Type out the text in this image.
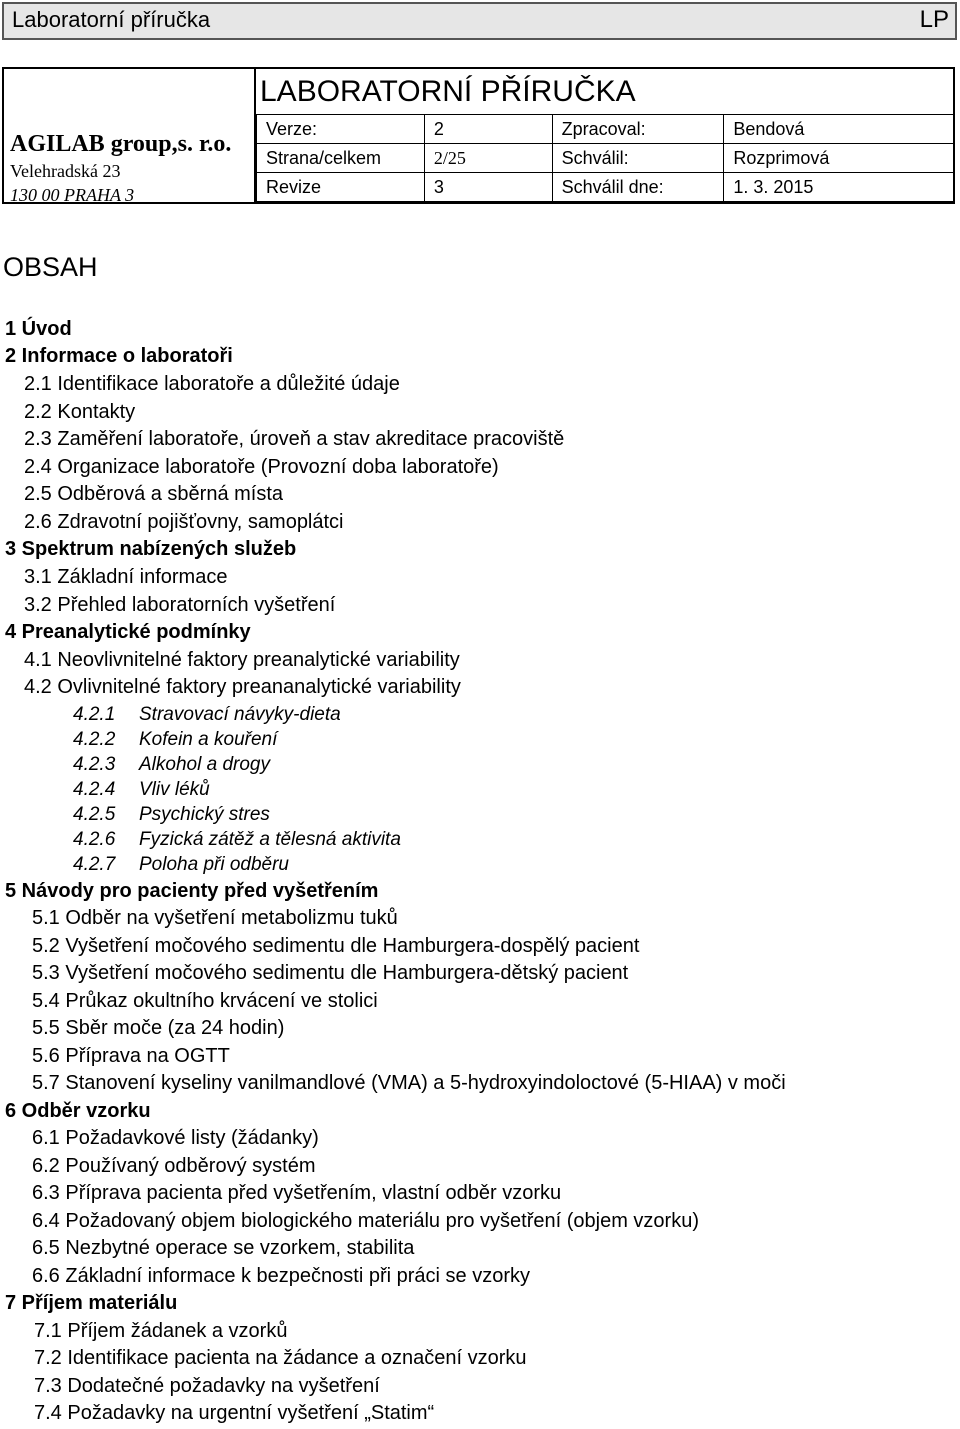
Laboratorní příručka	LP
AGILAB group,s. r.o.
Velehradská 23
130 00 PRAHA 3
LABORATORNÍ PŘÍRUČKA
Verze:	2	Zpracoval:	Bendová
Strana/celkem	2/25	Schválil:	Rozprimová
Revize	3	Schválil dne:	1. 3. 2015
OBSAH
1 Úvod
2 Informace o laboratoři
2.1 Identifikace laboratoře a důležité údaje
2.2 Kontakty
2.3 Zaměření laboratoře, úroveň a stav akreditace pracoviště
2.4 Organizace laboratoře (Provozní doba laboratoře)
2.5 Odběrová a sběrná místa
2.6 Zdravotní pojišťovny, samoplátci
3 Spektrum nabízených služeb
3.1 Základní informace
3.2 Přehled laboratorních vyšetření
4 Preanalytické podmínky
4.1 Neovlivnitelné faktory preanalytické variability
4.2 Ovlivnitelné faktory preananalytické variability
4.2.1 Stravovací návyky-dieta
4.2.2 Kofein a kouření
4.2.3 Alkohol a drogy
4.2.4 Vliv léků
4.2.5 Psychický stres
4.2.6 Fyzická zátěž a tělesná aktivita
4.2.7 Poloha při odběru
5 Návody pro pacienty před vyšetřením
5.1 Odběr na vyšetření metabolizmu tuků
5.2 Vyšetření močového sedimentu dle Hamburgera-dospělý pacient
5.3 Vyšetření močového sedimentu dle Hamburgera-dětský pacient
5.4 Průkaz okultního krvácení ve stolici
5.5 Sběr moče (za 24 hodin)
5.6 Příprava na OGTT
5.7 Stanovení kyseliny vanilmandlové (VMA) a 5-hydroxyindoloctové (5-HIAA) v moči
6 Odběr vzorku
6.1 Požadavkové listy (žádanky)
6.2 Používaný odběrový systém
6.3 Příprava pacienta před vyšetřením, vlastní odběr vzorku
6.4 Požadovaný objem biologického materiálu pro vyšetření (objem vzorku)
6.5 Nezbytné operace se vzorkem, stabilita
6.6 Základní informace k bezpečnosti při práci se vzorky
7 Příjem materiálu
7.1 Příjem žádanek a vzorků
7.2 Identifikace pacienta na žádance a označení vzorku
7.3 Dodatečné požadavky na vyšetření
7.4 Požadavky na urgentní vyšetření „Statim“
